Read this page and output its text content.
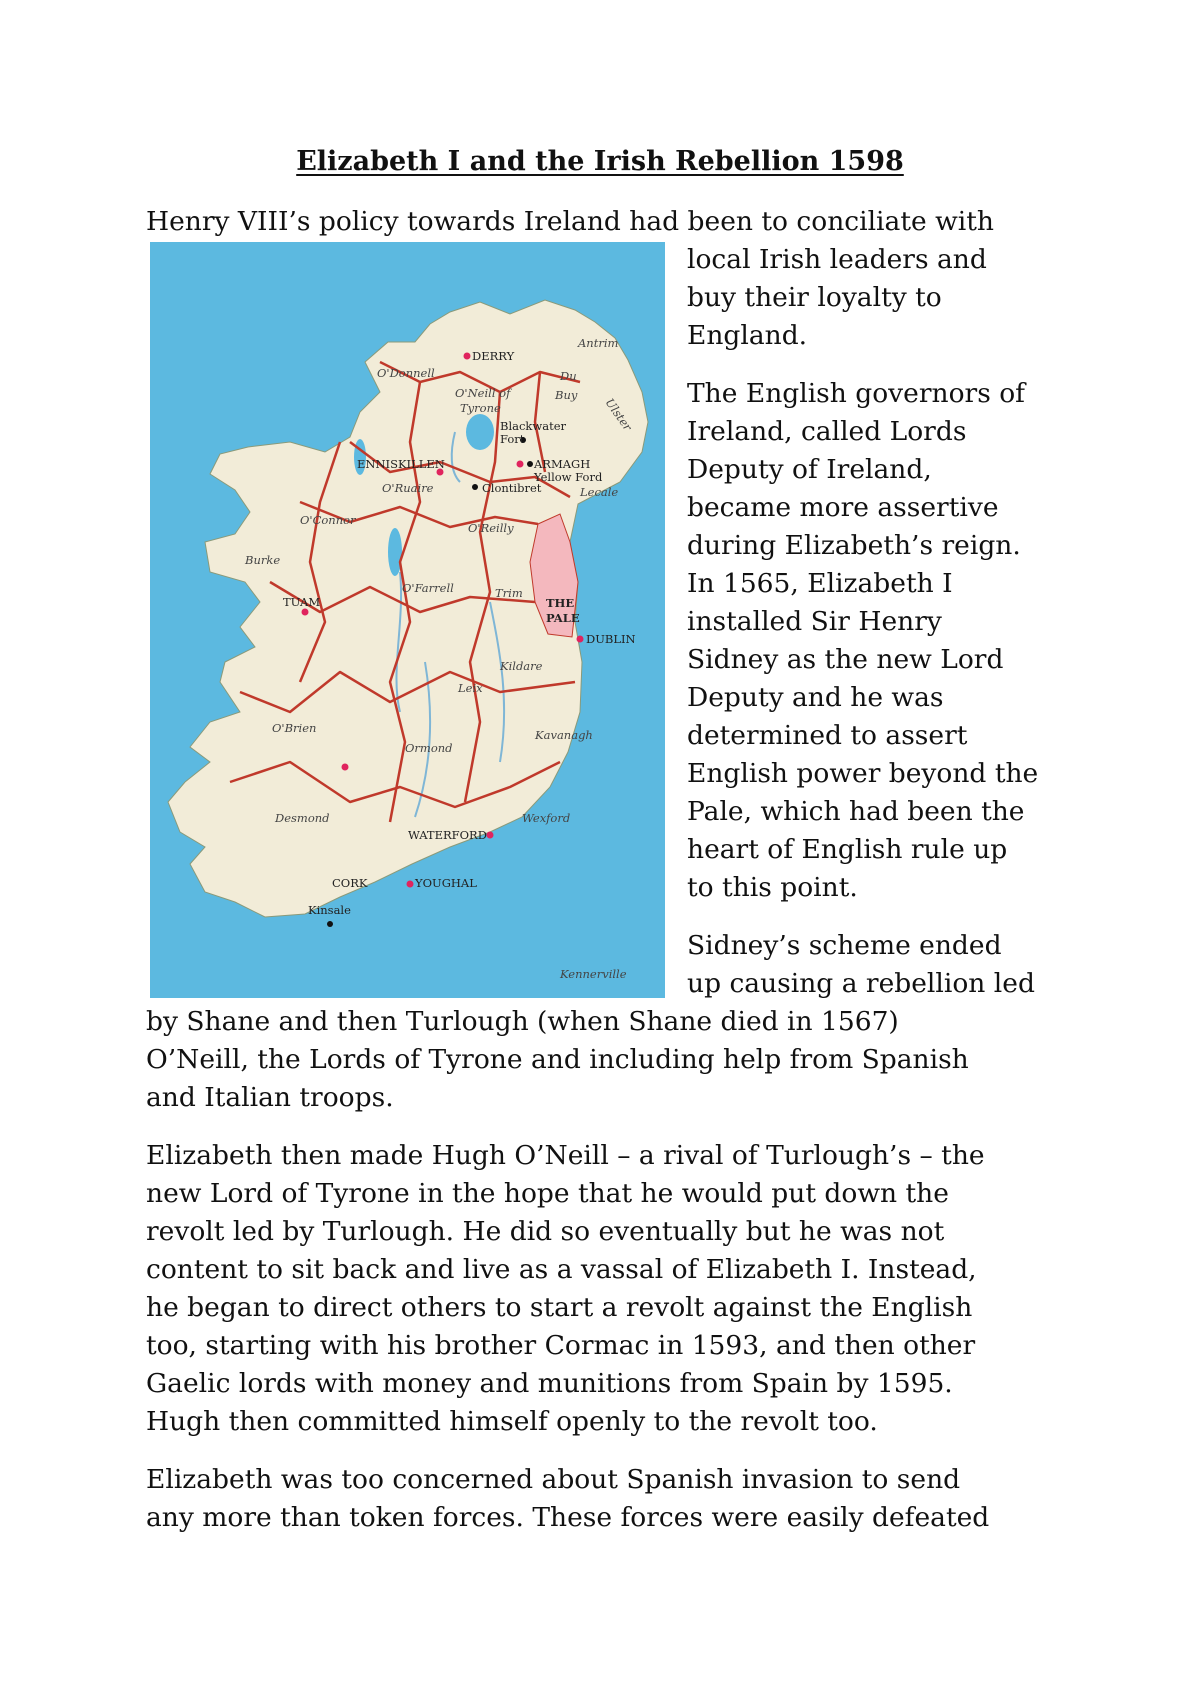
Elizabeth I and the Irish Rebellion 1598

Henry VIII’s policy towards Ireland had been to conciliate with

local Irish leaders and

buy their loyalty to

England.

The English governors of

Ireland, called Lords

Deputy of Ireland,

became more assertive

during Elizabeth’s reign.

In 1565, Elizabeth I

installed Sir Henry

Sidney as the new Lord

Deputy and he was

determined to assert

English power beyond the

Pale, which had been the

heart of English rule up

to this point.

Sidney’s scheme ended

up causing a rebellion led

by Shane and then Turlough (when Shane died in 1567)

O’Neill, the Lords of Tyrone and including help from Spanish

and Italian troops.

Elizabeth then made Hugh O’Neill – a rival of Turlough’s – the

new Lord of Tyrone in the hope that he would put down the

revolt led by Turlough. He did so eventually but he was not

content to sit back and live as a vassal of Elizabeth I. Instead,

he began to direct others to start a revolt against the English

too, starting with his brother Cormac in 1593, and then other

Gaelic lords with money and munitions from Spain by 1595.

Hugh then committed himself openly to the revolt too.

Elizabeth was too concerned about Spanish invasion to send

any more than token forces. These forces were easily defeated

DERRY
ENNISKILLEN	ARMAGH
Yellow Ford
Blackwater
Fort
Clontibret
TUAM
DUBLIN
WATERFORD
CORK	YOUGHAL
Kinsale
THE
PALE
Antrim
O'Donnell
O'Neill of
Tyrone
Du
Buy
Ulster
O'Ruaire
O'Connor
O'Reilly
Burke
O'Farrell	Trim
Kildare
Leix
O'Brien
Ormond
Kavanagh
Desmond	Wexford
Lecale
Kennerville
